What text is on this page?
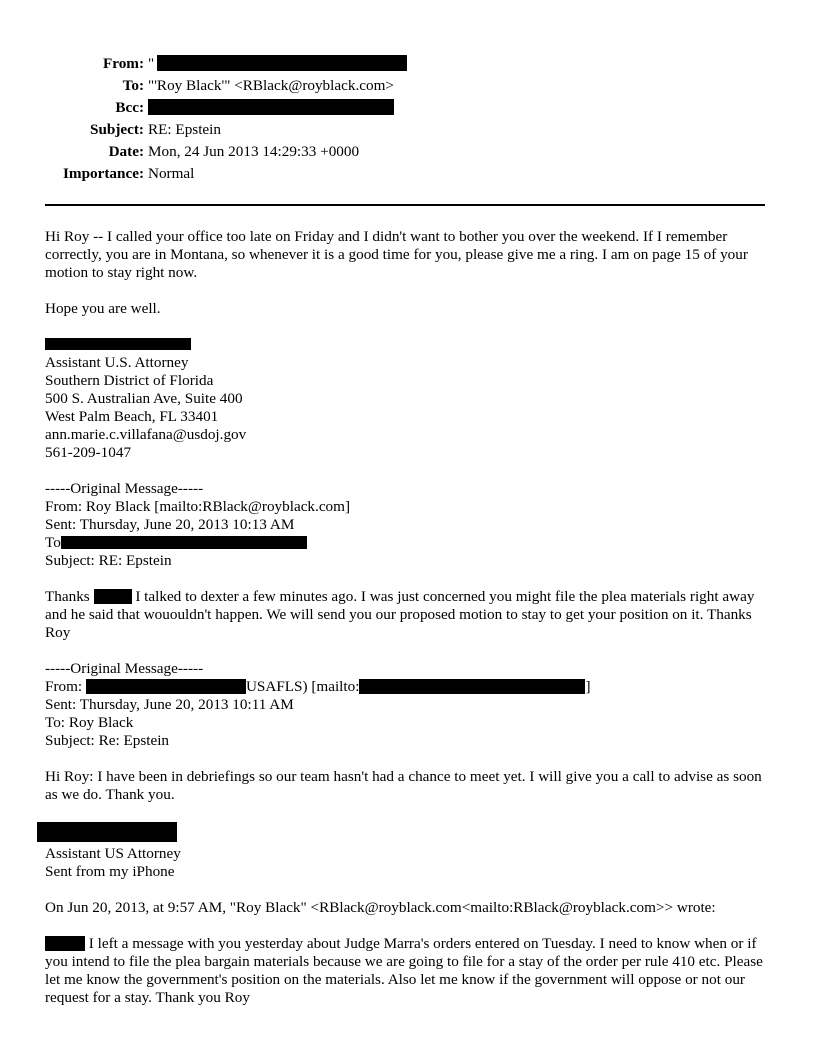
From: "
To: "'Roy Black'" <RBlack@royblack.com>
Bcc:
Subject: RE: Epstein
Date: Mon, 24 Jun 2013 14:29:33 +0000
Importance: Normal

Hi Roy -- I called your office too late on Friday and I didn't want to bother you over the weekend. If I remember correctly, you are in Montana, so whenever it is a good time for you, please give me a ring. I am on page 15 of your motion to stay right now.

Hope you are well.

Assistant U.S. Attorney
Southern District of Florida
500 S. Australian Ave, Suite 400
West Palm Beach, FL 33401
ann.marie.c.villafana@usdoj.gov
561-209-1047
-----Original Message-----
From: Roy Black [mailto:RBlack@royblack.com]
Sent: Thursday, June 20, 2013 10:13 AM
To
Subject: RE: Epstein

Thanks	I talked to dexter a few minutes ago. I was just concerned you might file the plea materials right away and he said that wououldn't happen. We will send you our proposed motion to stay to get your position on it. Thanks Roy

-----Original Message-----
From:	USAFLS) [mailto:	]
Sent: Thursday, June 20, 2013 10:11 AM
To: Roy Black
Subject: Re: Epstein

Hi Roy: I have been in debriefings so our team hasn't had a chance to meet yet. I will give you a call to advise as soon as we do. Thank you.

Assistant US Attorney
Sent from my iPhone
On Jun 20, 2013, at 9:57 AM, "Roy Black" <RBlack@royblack.com<mailto:RBlack@royblack.com>> wrote:

I left a message with you yesterday about Judge Marra's orders entered on Tuesday. I need to know when or if you intend to file the plea bargain materials because we are going to file for a stay of the order per rule 410 etc. Please let me know the government's position on the materials. Also let me know if the government will oppose or not our request for a stay. Thank you Roy
